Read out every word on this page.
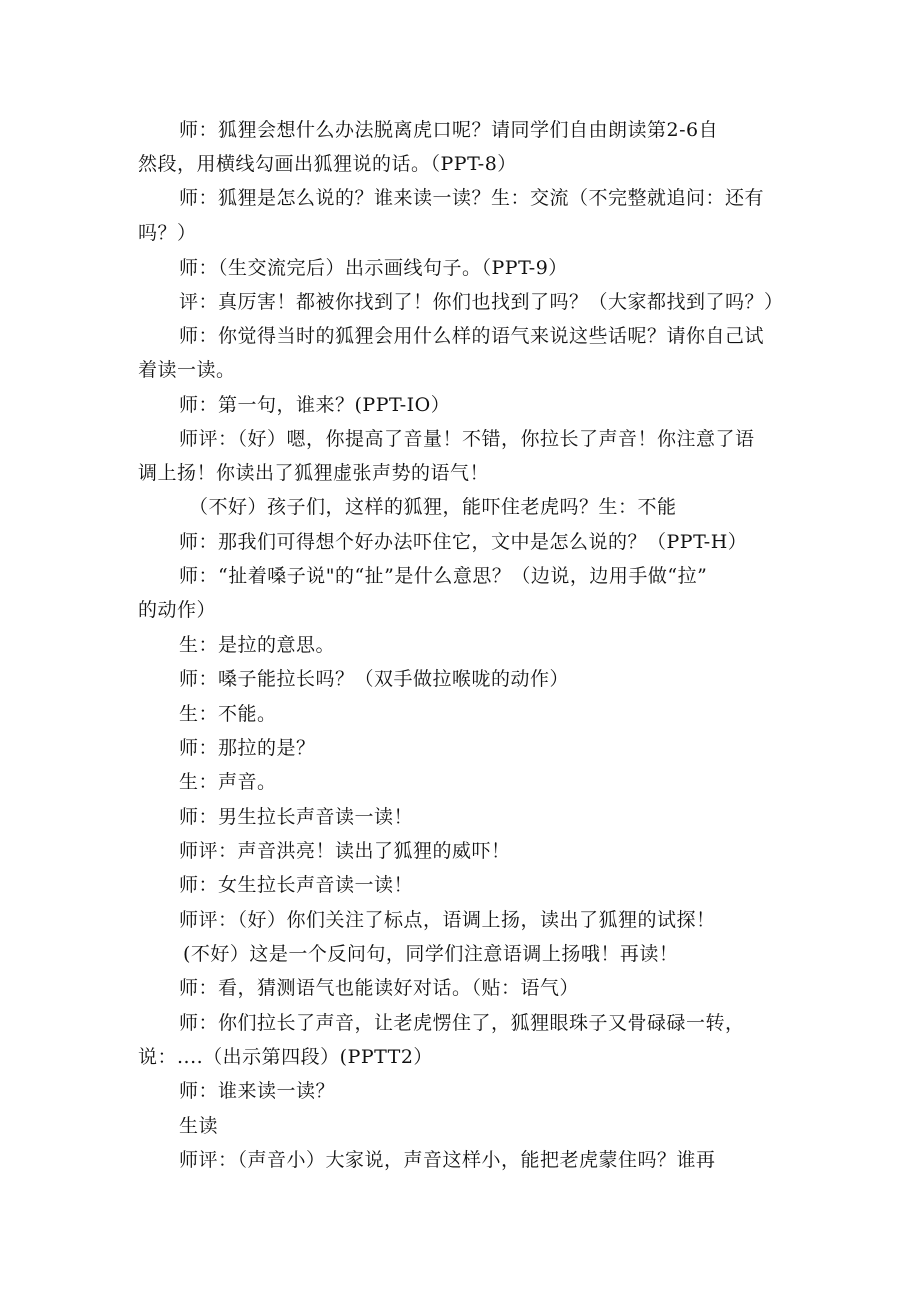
师：狐狸会想什么办法脱离虎口呢？请同学们自由朗读第2-6自
然段，用横线勾画出狐狸说的话。（PPT-8）
师：狐狸是怎么说的？谁来读一读？生：交流（不完整就追问：还有
吗？）
师：（生交流完后）出示画线句子。（PPT-9）
评：真厉害！都被你找到了！你们也找到了吗？（大家都找到了吗？）
师：你觉得当时的狐狸会用什么样的语气来说这些话呢？请你自己试
着读一读。
师：第一句，谁来？(PPT-IO）
师评：（好）嗯，你提高了音量！不错，你拉长了声音！你注意了语
调上扬！你读出了狐狸虚张声势的语气！
（不好）孩子们，这样的狐狸，能吓住老虎吗？生：不能
师：那我们可得想个好办法吓住它，文中是怎么说的？（PPT-H）
师：“扯着嗓子说"的“扯”是什么意思？（边说，边用手做“拉”
的动作）
生：是拉的意思。
师：嗓子能拉长吗？（双手做拉喉咙的动作）
生：不能。
师：那拉的是？
生：声音。
师：男生拉长声音读一读！
师评：声音洪亮！读出了狐狸的威吓！
师：女生拉长声音读一读！
师评：（好）你们关注了标点，语调上扬，读出了狐狸的试探！
(不好）这是一个反问句，同学们注意语调上扬哦！再读！
师：看，猜测语气也能读好对话。（贴：语气）
师：你们拉长了声音，让老虎愣住了，狐狸眼珠子又骨碌碌一转，
说：....（出示第四段）(PPTT2）
师：谁来读一读？
生读
师评：（声音小）大家说，声音这样小，能把老虎蒙住吗？谁再
